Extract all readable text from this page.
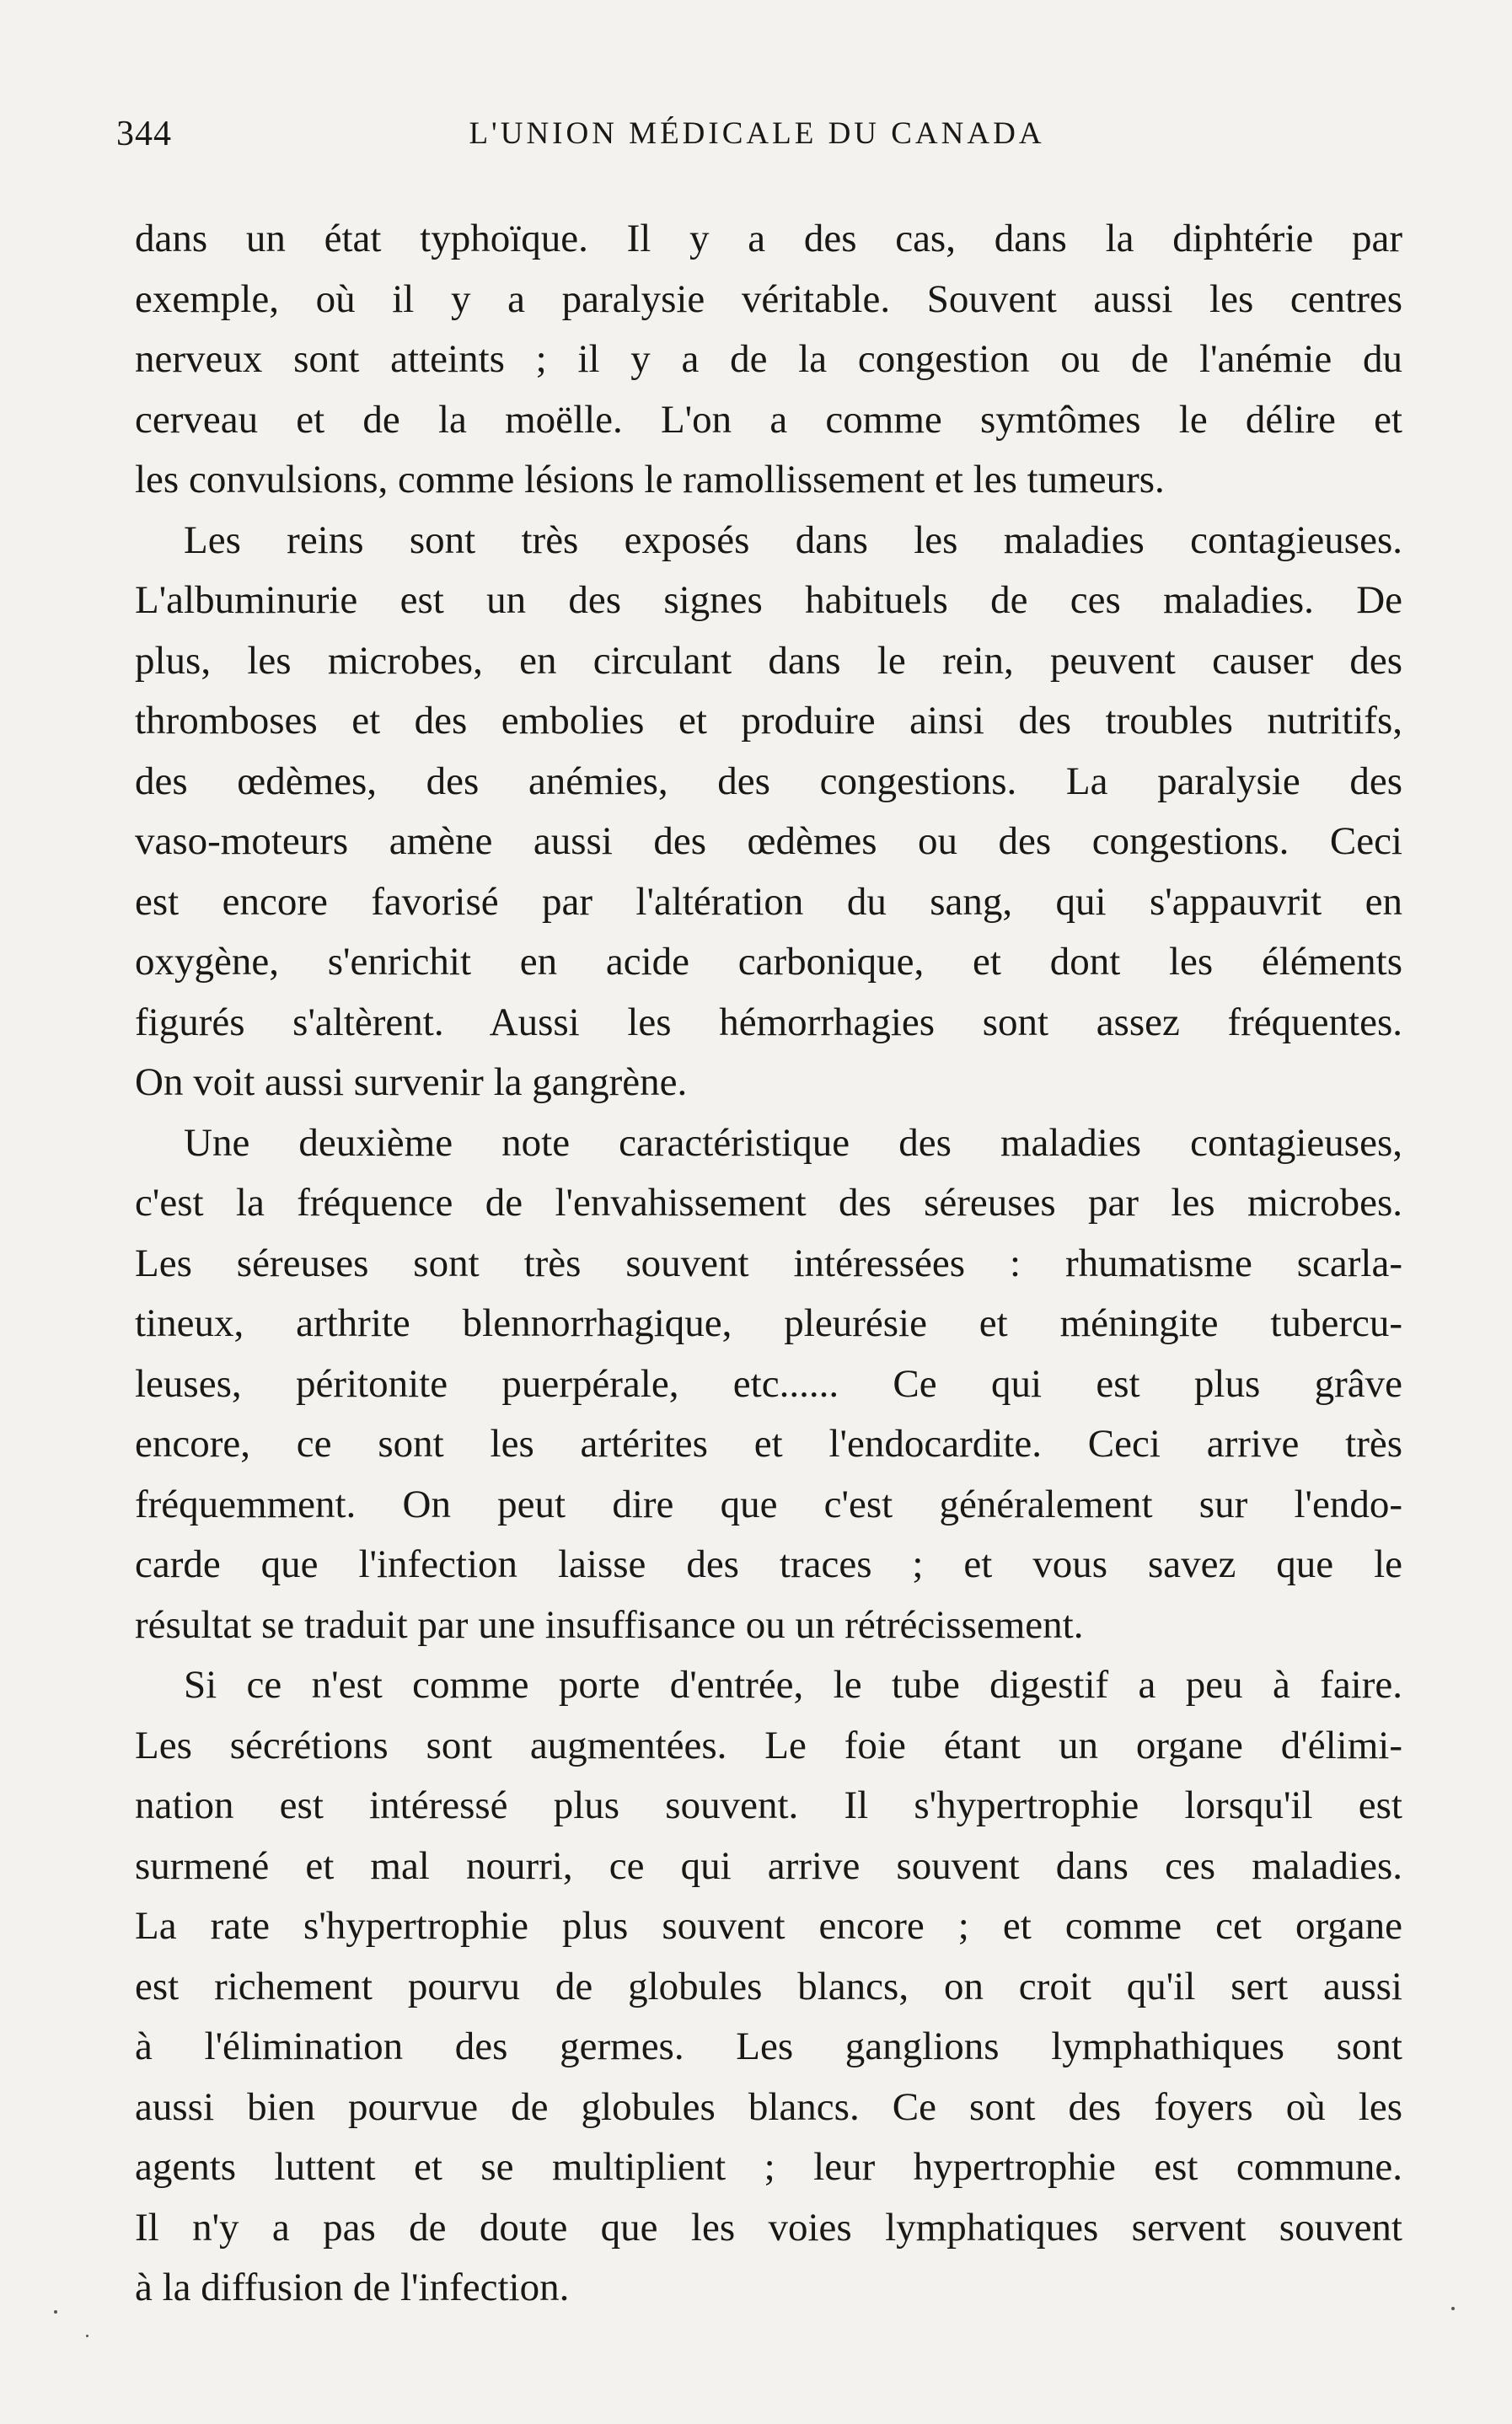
344	L'UNION MÉDICALE DU CANADA
dans un état typhoïque. Il y a des cas, dans la diphtérie par
exemple, où il y a paralysie véritable. Souvent aussi les centres
nerveux sont atteints ; il y a de la congestion ou de l'anémie du
cerveau et de la moëlle. L'on a comme symtômes le délire et
les convulsions, comme lésions le ramollissement et les tumeurs.
Les reins sont très exposés dans les maladies contagieuses.
L'albuminurie est un des signes habituels de ces maladies. De
plus, les microbes, en circulant dans le rein, peuvent causer des
thromboses et des embolies et produire ainsi des troubles nutritifs,
des œdèmes, des anémies, des congestions. La paralysie des
vaso-moteurs amène aussi des œdèmes ou des congestions. Ceci
est encore favorisé par l'altération du sang, qui s'appauvrit en
oxygène, s'enrichit en acide carbonique, et dont les éléments
figurés s'altèrent. Aussi les hémorrhagies sont assez fréquentes.
On voit aussi survenir la gangrène.
Une deuxième note caractéristique des maladies contagieuses,
c'est la fréquence de l'envahissement des séreuses par les microbes.
Les séreuses sont très souvent intéressées : rhumatisme scarla-
tineux, arthrite blennorrhagique, pleurésie et méningite tubercu-
leuses, péritonite puerpérale, etc...... Ce qui est plus grâve
encore, ce sont les artérites et l'endocardite. Ceci arrive très
fréquemment. On peut dire que c'est généralement sur l'endo-
carde que l'infection laisse des traces ; et vous savez que le
résultat se traduit par une insuffisance ou un rétrécissement.
Si ce n'est comme porte d'entrée, le tube digestif a peu à faire.
Les sécrétions sont augmentées. Le foie étant un organe d'élimi-
nation est intéressé plus souvent. Il s'hypertrophie lorsqu'il est
surmené et mal nourri, ce qui arrive souvent dans ces maladies.
La rate s'hypertrophie plus souvent encore ; et comme cet organe
est richement pourvu de globules blancs, on croit qu'il sert aussi
à l'élimination des germes. Les ganglions lymphathiques sont
aussi bien pourvue de globules blancs. Ce sont des foyers où les
agents luttent et se multiplient ; leur hypertrophie est commune.
Il n'y a pas de doute que les voies lymphatiques servent souvent
à la diffusion de l'infection.
